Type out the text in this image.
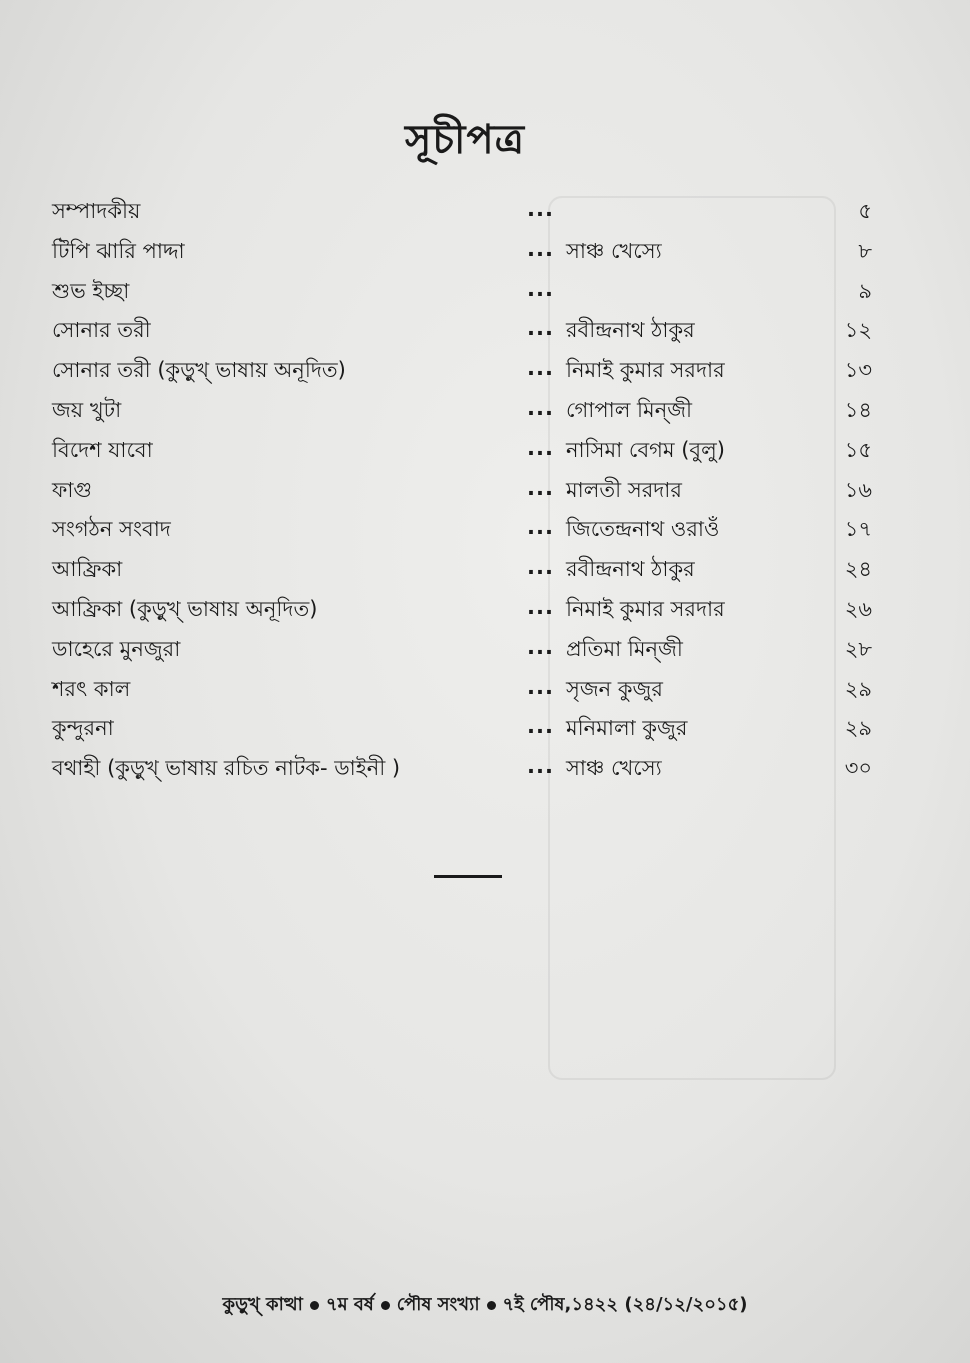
সূচীপত্র
সম্পাদকীয়	...	৫
টিপি ঝারি পাদ্দা	... সাঞ্চ খেস্যে	৮
শুভ ইচ্ছা	...	৯
সোনার তরী	... রবীন্দ্রনাথ ঠাকুর	১২
সোনার তরী (কুড়ুখ্ ভাষায় অনূদিত)	... নিমাই কুমার সরদার	১৩
জয় খুটা	... গোপাল মিন্‌জী	১৪
বিদেশ যাবো	... নাসিমা বেগম (বুলু)	১৫
ফাগু	... মালতী সরদার	১৬
সংগঠন সংবাদ	... জিতেন্দ্রনাথ ওরাওঁ	১৭
আফ্রিকা	... রবীন্দ্রনাথ ঠাকুর	২৪
আফ্রিকা (কুড়ুখ্ ভাষায় অনূদিত)	... নিমাই কুমার সরদার	২৬
ডাহেরে মুনজুরা	... প্রতিমা মিন্‌জী	২৮
শরৎ কাল	... সৃজন কুজুর	২৯
কুন্দুরনা	... মনিমালা কুজুর	২৯
বথাহী (কুড়ুখ্ ভাষায় রচিত নাটক- ডাইনী )	... সাঞ্চ খেস্যে	৩০
কুড়ুখ্ কাত্থা ৭ম বর্ষ পৌষ সংখ্যা ৭ই পৌষ,১৪২২ (২৪/১২/২০১৫)
